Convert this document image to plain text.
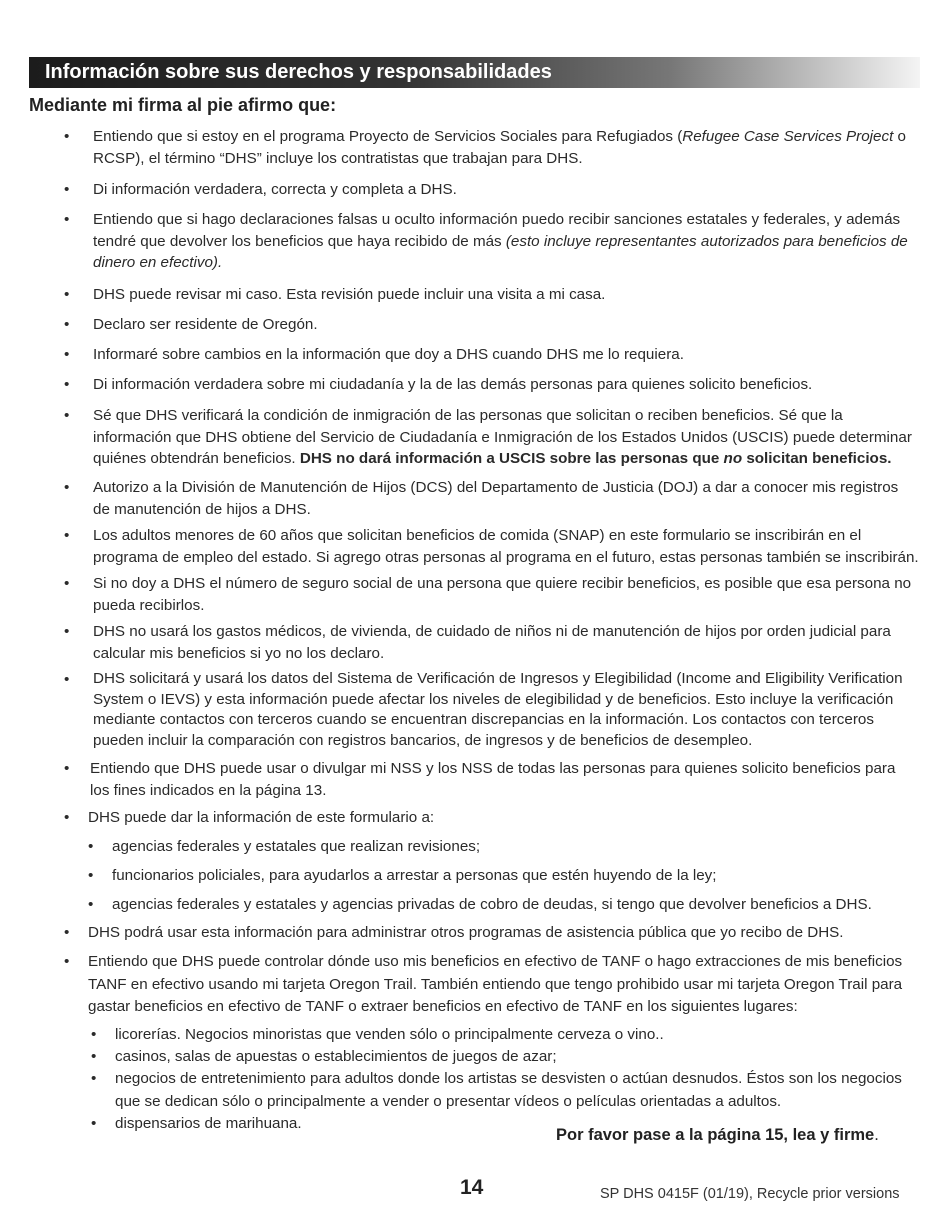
Información sobre sus derechos y responsabilidades
Mediante mi firma al pie afirmo que:
• Entiendo que si estoy en el programa Proyecto de Servicios Sociales para Refugiados (Refugee Case Services Project o RCSP), el término “DHS” incluye los contratistas que trabajan para DHS.
• Di información verdadera, correcta y completa a DHS.
• Entiendo que si hago declaraciones falsas u oculto información puedo recibir sanciones estatales y federales, y además tendré que devolver los beneficios que haya recibido de más (esto incluye representantes autorizados para beneficios de dinero en efectivo).
• DHS puede revisar mi caso. Esta revisión puede incluir una visita a mi casa.
• Declaro ser residente de Oregón.
• Informaré sobre cambios en la información que doy a DHS cuando DHS me lo requiera.
• Di información verdadera sobre mi ciudadanía y la de las demás personas para quienes solicito beneficios.
• Sé que DHS verificará la condición de inmigración de las personas que solicitan o reciben beneficios. Sé que la información que DHS obtiene del Servicio de Ciudadanía e Inmigración de los Estados Unidos (USCIS) puede determinar quiénes obtendrán beneficios. DHS no dará información a USCIS sobre las personas que no solicitan beneficios.
• Autorizo a la División de Manutención de Hijos (DCS) del Departamento de Justicia (DOJ) a dar a conocer mis registros de manutención de hijos a DHS.
• Los adultos menores de 60 años que solicitan beneficios de comida (SNAP) en este formulario se inscribirán en el programa de empleo del estado. Si agrego otras personas al programa en el futuro, estas personas también se inscribirán.
• Si no doy a DHS el número de seguro social de una persona que quiere recibir beneficios, es posible que esa persona no pueda recibirlos.
• DHS no usará los gastos médicos, de vivienda, de cuidado de niños ni de manutención de hijos por orden judicial para calcular mis beneficios si yo no los declaro.
• DHS solicitará y usará los datos del Sistema de Verificación de Ingresos y Elegibilidad (Income and Eligibility Verification System o IEVS) y esta información puede afectar los niveles de elegibilidad y de beneficios. Esto incluye la verificación mediante contactos con terceros cuando se encuentran discrepancias en la información. Los contactos con terceros pueden incluir la comparación con registros bancarios, de ingresos y de beneficios de desempleo.
• Entiendo que DHS puede usar o divulgar mi NSS y los NSS de todas las personas para quienes solicito beneficios para los fines indicados en la página 13.
• DHS puede dar la información de este formulario a:
• agencias federales y estatales que realizan revisiones;
• funcionarios policiales, para ayudarlos a arrestar a personas que estén huyendo de la ley;
• agencias federales y estatales y agencias privadas de cobro de deudas, si tengo que devolver beneficios a DHS.
• DHS podrá usar esta información para administrar otros programas de asistencia pública que yo recibo de DHS.
• Entiendo que DHS puede controlar dónde uso mis beneficios en efectivo de TANF o hago extracciones de mis beneficios TANF en efectivo usando mi tarjeta Oregon Trail. También entiendo que tengo prohibido usar mi tarjeta Oregon Trail para gastar beneficios en efectivo de TANF o extraer beneficios en efectivo de TANF en los siguientes lugares:
• licorerías. Negocios minoristas que venden sólo o principalmente cerveza o vino..
• casinos, salas de apuestas o establecimientos de juegos de azar;
• negocios de entretenimiento para adultos donde los artistas se desvisten o actúan desnudos. Éstos son los negocios que se dedican sólo o principalmente a vender o presentar vídeos o películas orientadas a adultos.
• dispensarios de marihuana.
Por favor pase a la página 15, lea y firme.
14	SP DHS 0415F (01/19), Recycle prior versions
